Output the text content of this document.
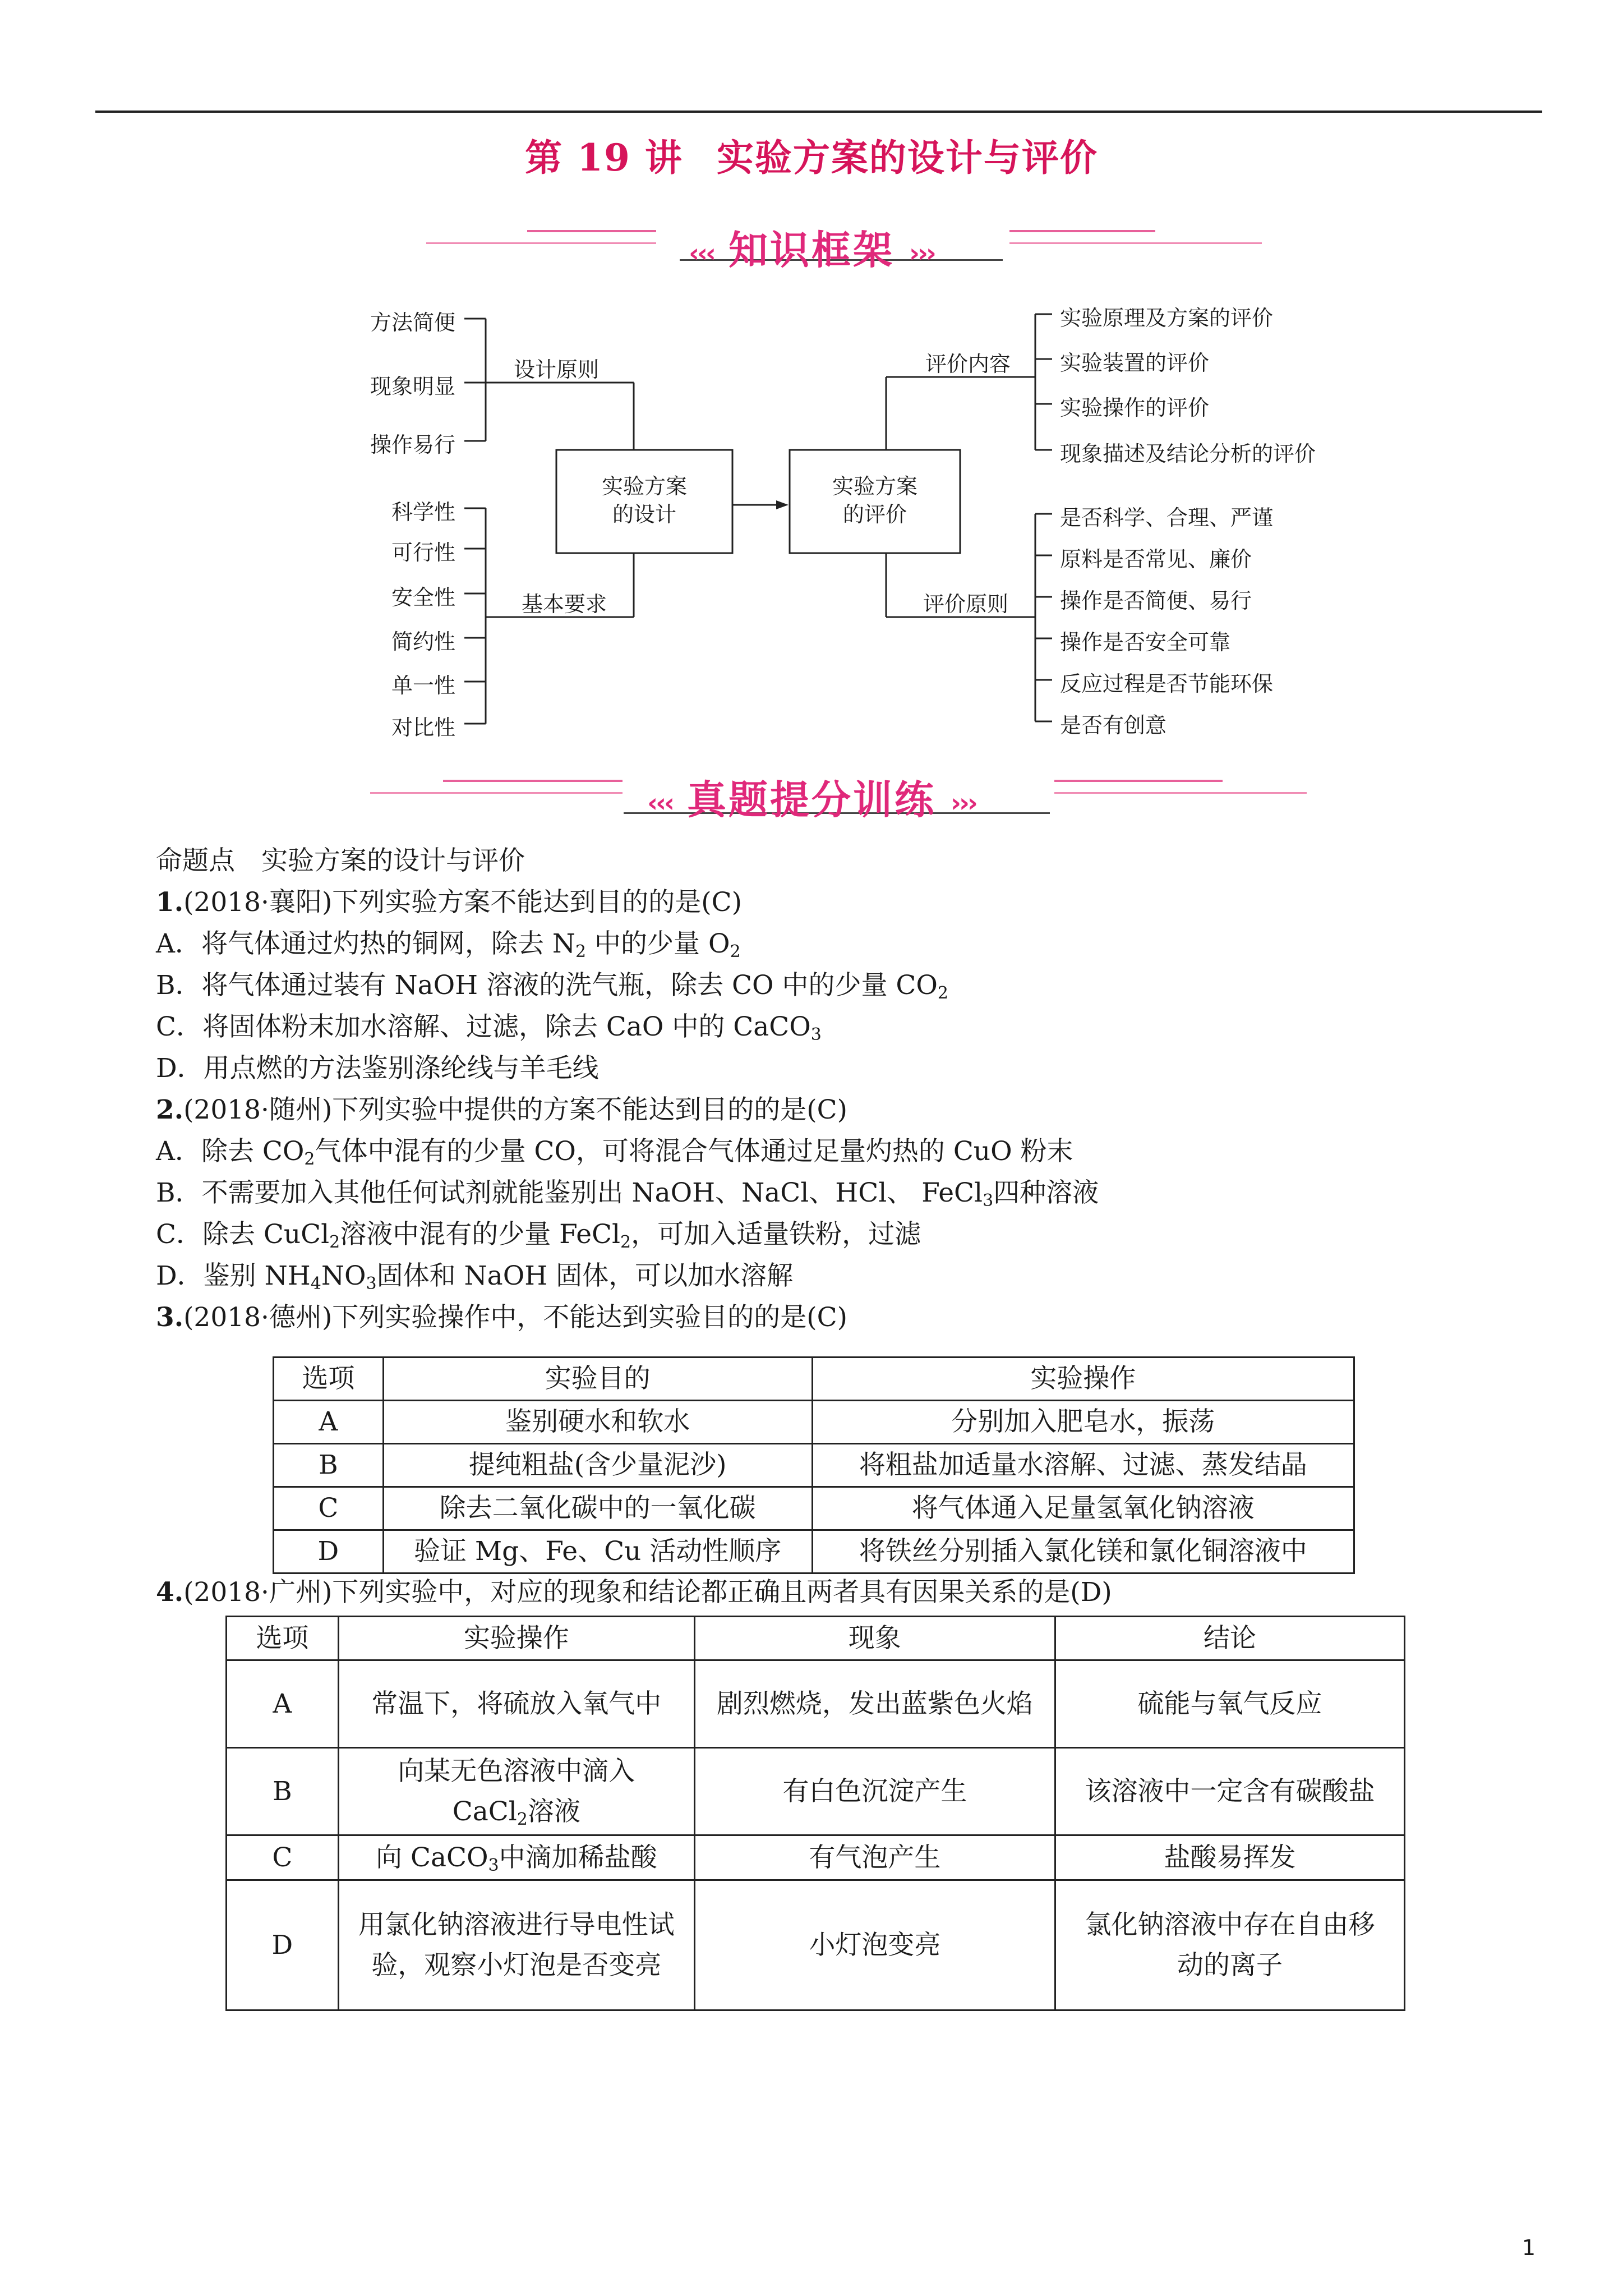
第 19 讲 实验方案的设计与评价
‹‹‹ 知识框架 ›››
方法简便
现象明显
操作易行
设计原则
科学性
可行性
安全性
简约性
单一性
对比性
基本要求
实验方案
的设计
实验方案
的评价
评价内容
实验原理及方案的评价
实验装置的评价
实验操作的评价
现象描述及结论分析的评价
评价原则
是否科学、合理、严谨
原料是否常见、廉价
操作是否简便、易行
操作是否安全可靠
反应过程是否节能环保
是否有创意
‹‹‹ 真题提分训练 ›››

命题点　实验方案的设计与评价

1.(2018·襄阳)下列实验方案不能达到目的的是(C)

A．将气体通过灼热的铜网，除去 $N_2$ 中的少量 $O_2$

B．将气体通过装有 NaOH 溶液的洗气瓶，除去 CO 中的少量 $CO_2$

C．将固体粉末加水溶解、过滤，除去 CaO 中的 CaCO$_3$

D．用点燃的方法鉴别涤纶线与羊毛线

2.(2018·随州)下列实验中提供的方案不能达到目的的是(C)

A．除去 $CO_2$气体中混有的少量 CO，可将混合气体通过足量灼热的 CuO 粉末

B．不需要加入其他任何试剂就能鉴别出 NaOH、NaCl、HCl、 FeCl$_3$四种溶液

C．除去 CuCl$_2$溶液中混有的少量 FeCl$_2$，可加入适量铁粉，过滤

D．鉴别 $NH_4NO_3$固体和 NaOH 固体，可以加水溶解

3.(2018·德州)下列实验操作中，不能达到实验目的的是(C)

选项	实验目的	实验操作
A	鉴别硬水和软水	分别加入肥皂水，振荡
B	提纯粗盐(含少量泥沙)	将粗盐加适量水溶解、过滤、蒸发结晶
C	除去二氧化碳中的一氧化碳	将气体通入足量氢氧化钠溶液
D	验证 Mg、Fe、Cu 活动性顺序	将铁丝分别插入氯化镁和氯化铜溶液中

4.(2018·广州)下列实验中，对应的现象和结论都正确且两者具有因果关系的是(D)

选项	实验操作	现象	结论
A	常温下，将硫放入氧气中	剧烈燃烧，发出蓝紫色火焰	硫能与氧气反应
B	向某无色溶液中滴入 CaCl$_2$溶液	有白色沉淀产生	该溶液中一定含有碳酸盐
C	向 CaCO$_3$中滴加稀盐酸	有气泡产生	盐酸易挥发
D	用氯化钠溶液进行导电性试验，观察小灯泡是否变亮	小灯泡变亮	氯化钠溶液中存在自由移动的离子
1
